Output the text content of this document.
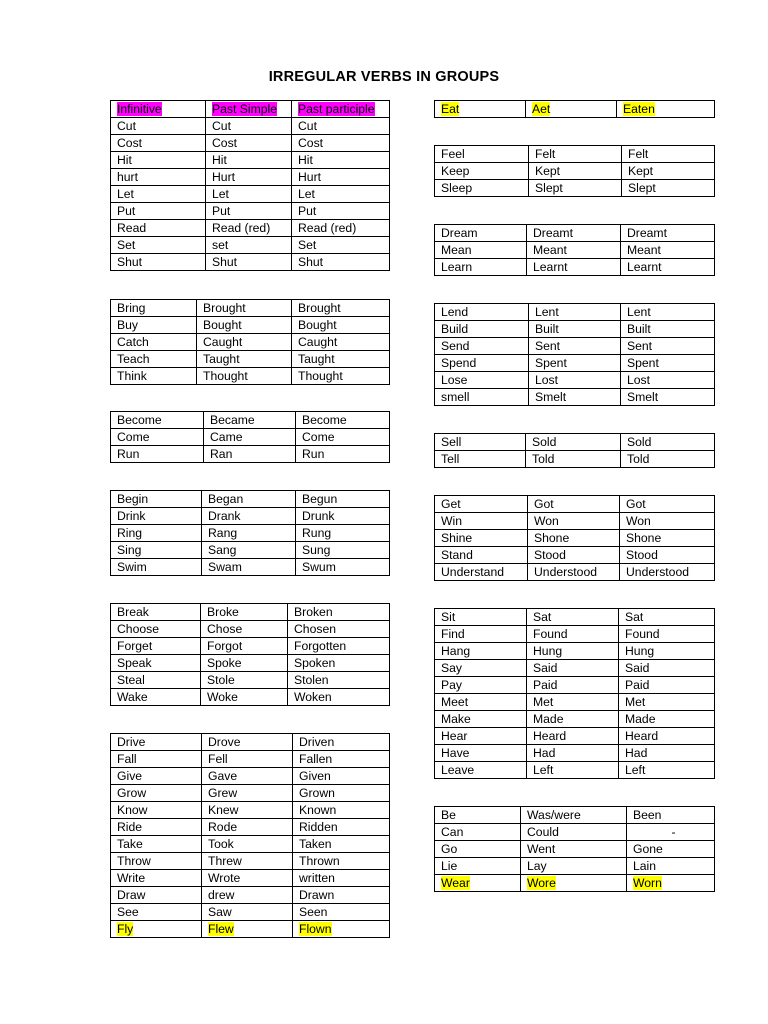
IRREGULAR VERBS IN GROUPS
Infinitive	Past Simple	Past participle
Cut	Cut	Cut
Cost	Cost	Cost
Hit	Hit	Hit
hurt	Hurt	Hurt
Let	Let	Let
Put	Put	Put
Read	Read (red)	Read (red)
Set	set	Set
Shut	Shut	Shut
Bring	Brought	Brought
Buy	Bought	Bought
Catch	Caught	Caught
Teach	Taught	Taught
Think	Thought	Thought
Become	Became	Become
Come	Came	Come
Run	Ran	Run
Begin	Began	Begun
Drink	Drank	Drunk
Ring	Rang	Rung
Sing	Sang	Sung
Swim	Swam	Swum
Break	Broke	Broken
Choose	Chose	Chosen
Forget	Forgot	Forgotten
Speak	Spoke	Spoken
Steal	Stole	Stolen
Wake	Woke	Woken
Drive	Drove	Driven
Fall	Fell	Fallen
Give	Gave	Given
Grow	Grew	Grown
Know	Knew	Known
Ride	Rode	Ridden
Take	Took	Taken
Throw	Threw	Thrown
Write	Wrote	written
Draw	drew	Drawn
See	Saw	Seen
Fly	Flew	Flown
Eat	Aet	Eaten
Feel	Felt	Felt
Keep	Kept	Kept
Sleep	Slept	Slept
Dream	Dreamt	Dreamt
Mean	Meant	Meant
Learn	Learnt	Learnt
Lend	Lent	Lent
Build	Built	Built
Send	Sent	Sent
Spend	Spent	Spent
Lose	Lost	Lost
smell	Smelt	Smelt
Sell	Sold	Sold
Tell	Told	Told
Get	Got	Got
Win	Won	Won
Shine	Shone	Shone
Stand	Stood	Stood
Understand	Understood	Understood
Sit	Sat	Sat
Find	Found	Found
Hang	Hung	Hung
Say	Said	Said
Pay	Paid	Paid
Meet	Met	Met
Make	Made	Made
Hear	Heard	Heard
Have	Had	Had
Leave	Left	Left
Be	Was/were	Been
Can	Could	-
Go	Went	Gone
Lie	Lay	Lain
Wear	Wore	Worn
